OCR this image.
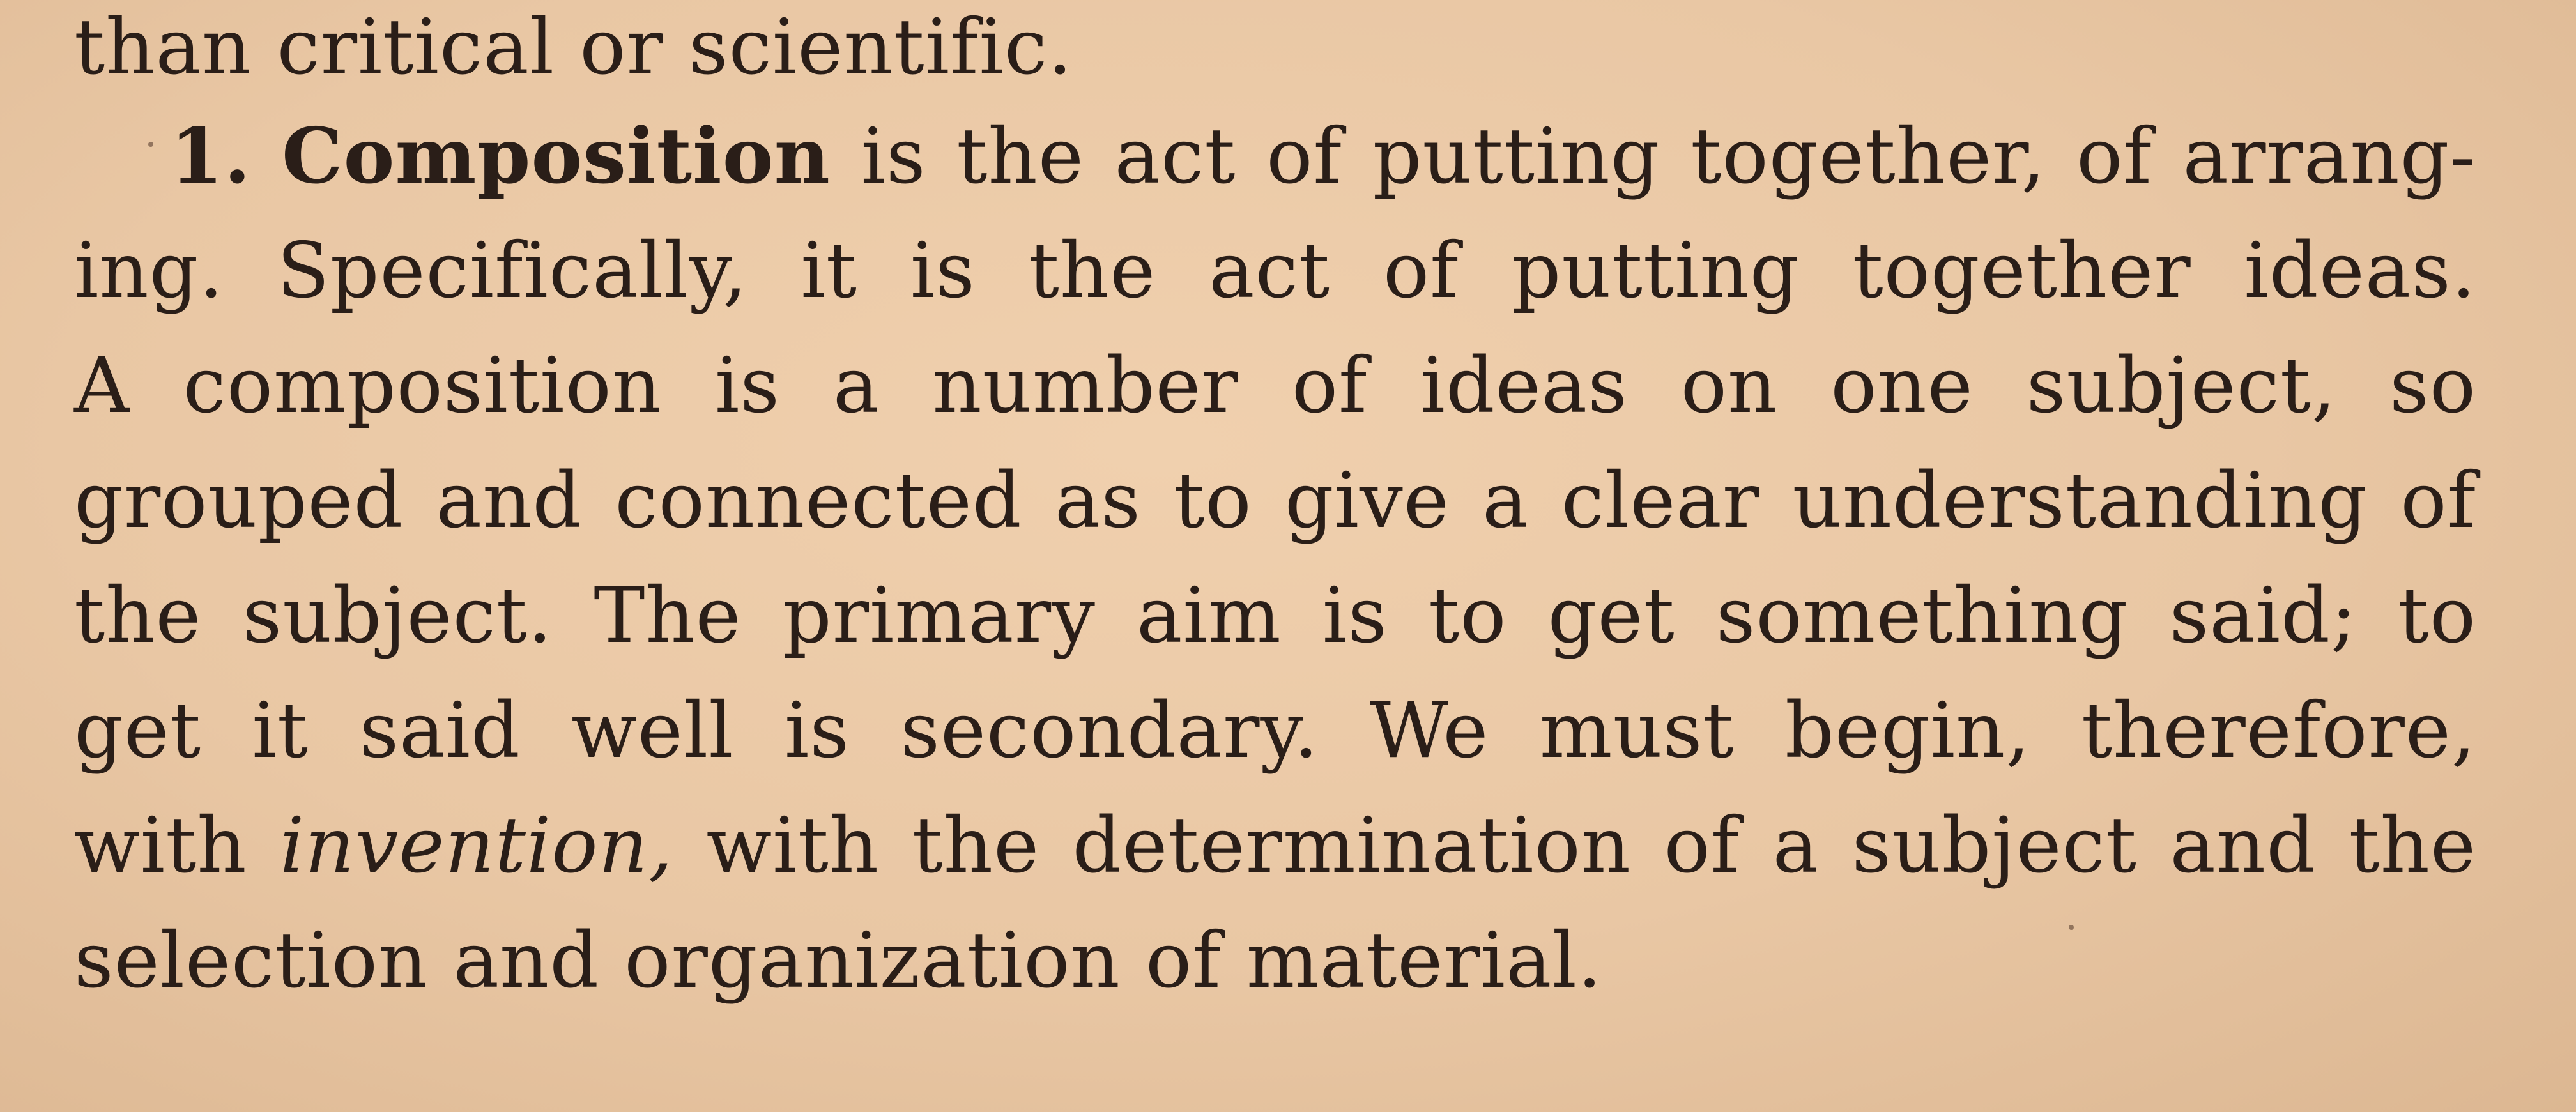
than critical or scientific.
1. Composition is the act of putting together, of arrang-
ing. Specifically, it is the act of putting together ideas.
A composition is a number of ideas on one subject, so
grouped and connected as to give a clear understanding of
the subject. The primary aim is to get something said; to
get it said well is secondary. We must begin, therefore,
with invention, with the determination of a subject and the
selection and organization of material.
